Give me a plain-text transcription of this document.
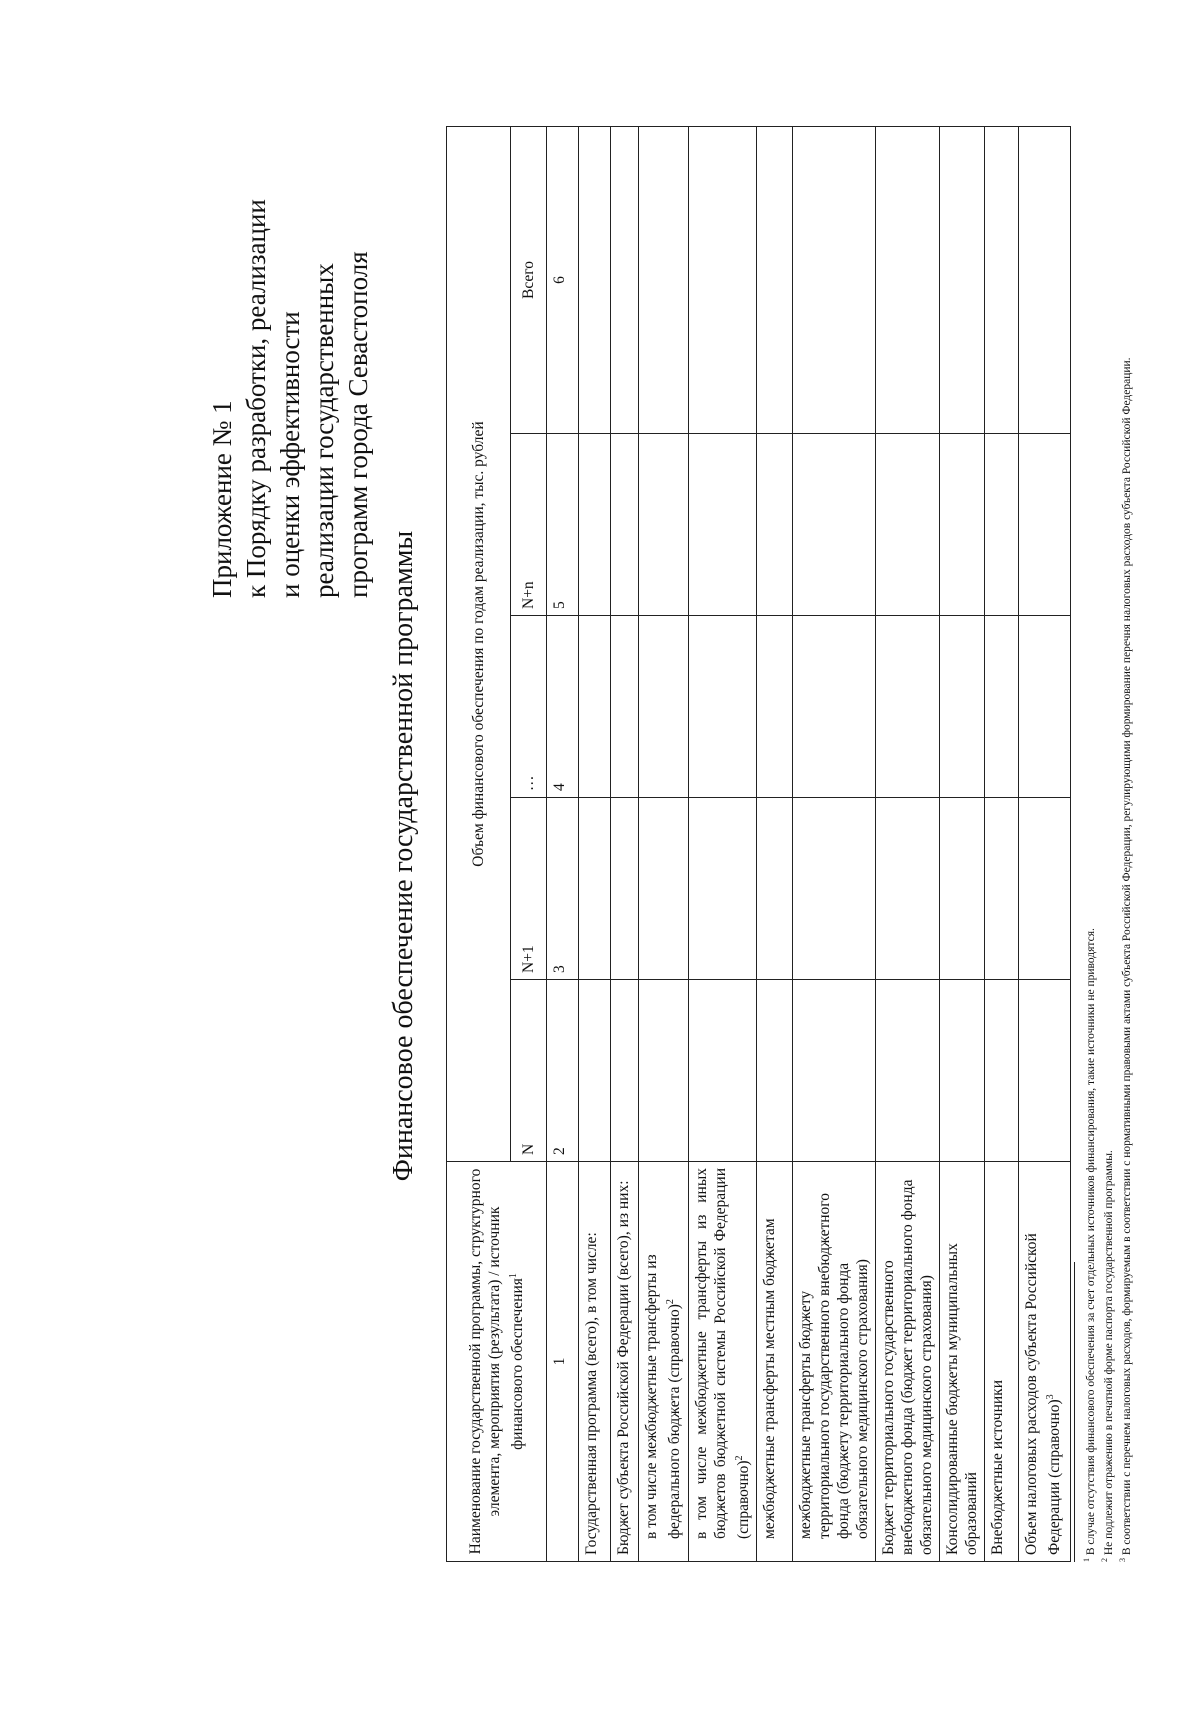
Приложение № 1 к Порядку разработки, реализации и оценки эффективности реализации государственных программ города Севастополя
Финансовое обеспечение государственной программы
Наименование государственной программы, структурного элемента, мероприятия (результата) / источник финансового обеспечения$^1$	Объем финансового обеспечения по годам реализации, тыс. рублей				
	N	N+1	…	N+n	Всего
1	2	3	4	5	6
Государственная программа (всего), в том числе:					
Бюджет субъекта Российской Федерации (всего), из них:					
в том числе межбюджетные трансферты из федерального бюджета (справочно)$^2$					
в том числе межбюджетные трансферты из иных бюджетов бюджетной системы Российской Федерации (справочно)$^2$					
межбюджетные трансферты местным бюджетам					
межбюджетные трансферты бюджету территориального государственного внебюджетного фонда (бюджету территориального фонда обязательного медицинского страхования)					
Бюджет территориального государственного внебюджетного фонда (бюджет территориального фонда обязательного медицинского страхования)					
Консолидированные бюджеты муниципальных образований					
Внебюджетные источники					
Объем налоговых расходов субъекта Российской Федерации (справочно)$^3$					
$^1$ В случае отсутствия финансового обеспечения за счет отдельных источников финансирования, такие источники не приводятся.
$^2$ Не подлежит отражению в печатной форме паспорта государственной программы.
$^3$ В соответствии с перечнем налоговых расходов, формируемым в соответствии с нормативными правовыми актами субъекта Российской Федерации, регулирующими формирование перечня налоговых расходов субъекта Российской Федерации.
